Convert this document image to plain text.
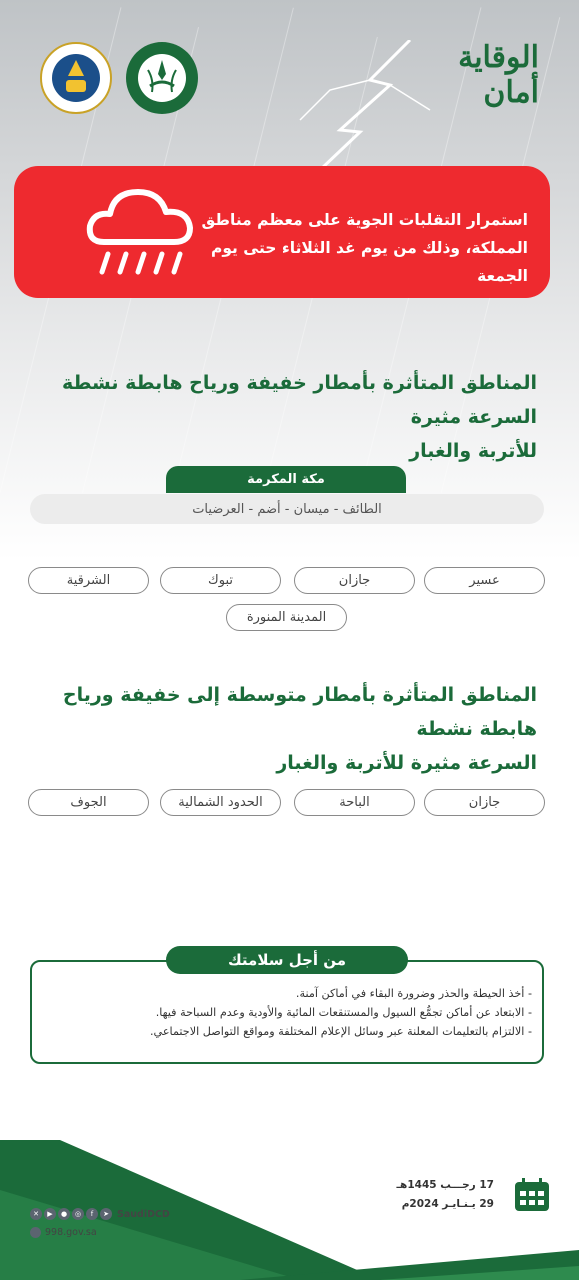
الوقاية أمان
استمرار التقلبات الجوية على معظم مناطق المملكة، وذلك من يوم غد الثلاثاء حتى يوم الجمعة
المناطق المتأثرة بأمطار خفيفة ورياح هابطة نشطة السرعة مثيرة
للأتربة والغبار
مكة المكرمة
الطائف - ميسان - أضم - العرضيات
عسير
جازان
تبوك
الشرقية
المدينة المنورة
المناطق المتأثرة بأمطار متوسطة إلى خفيفة ورياح هابطة نشطة
السرعة مثيرة للأتربة والغبار
جازان
الباحة
الحدود الشمالية
الجوف
- أخذ الحيطة والحذر وضرورة البقاء في أماكن آمنة.
- الابتعاد عن أماكن تجمُّع السيول والمستنقعات المائية والأودية وعدم السباحة فيها.
- الالتزام بالتعليمات المعلنة عبر وسائل الإعلام المختلفة ومواقع التواصل الاجتماعي.
من أجل سلامتك
17 رجـــب 1445هـ
29 يـنـايـر 2024م
✕	▶	●	◎	f	➤ SaudiDCD
998.gov.sa
